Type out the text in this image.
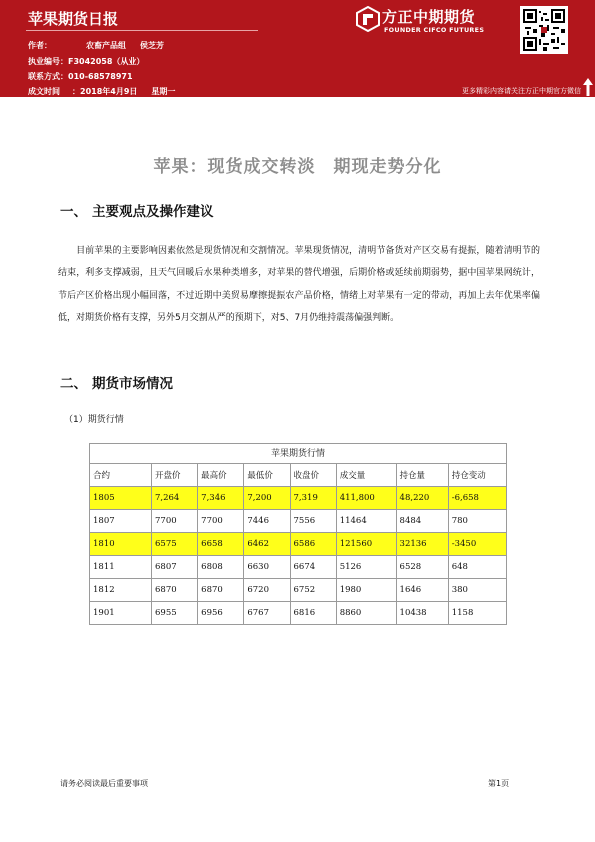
苹果期货日报
作者：	农畜产品组 侯芝芳
执业编号：F3042058（从业）
联系方式：010-68578971
成文时间 ：2018年4月9日 星期一
方正中期期货
FOUNDER CIFCO FUTURES
更多精彩内容请关注方正中期官方微信
苹果：现货成交转淡　期现走势分化
一、 主要观点及操作建议
目前苹果的主要影响因素依然是现货情况和交割情况。苹果现货情况，清明节备货对产区交易有提振，随着清明节的结束，利多支撑减弱，且天气回暖后水果种类增多，对苹果的替代增强，后期价格或延续前期弱势，据中国苹果网统计，节后产区价格出现小幅回落，不过近期中美贸易摩擦提振农产品价格，情绪上对苹果有一定的带动，再加上去年优果率偏低，对期货价格有支撑，另外5月交割从严的预期下，对5、7月仍维持震荡偏强判断。
二、 期货市场情况
（1）期货行情
苹果期货行情
合约	开盘价	最高价	最低价	收盘价	成交量	持仓量	持仓变动
1805	7,264	7,346	7,200	7,319	411,800	48,220	-6,658
1807	7700	7700	7446	7556	11464	8484	780
1810	6575	6658	6462	6586	121560	32136	-3450
1811	6807	6808	6630	6674	5126	6528	648
1812	6870	6870	6720	6752	1980	1646	380
1901	6955	6956	6767	6816	8860	10438	1158
请务必阅读最后重要事项	第1页
